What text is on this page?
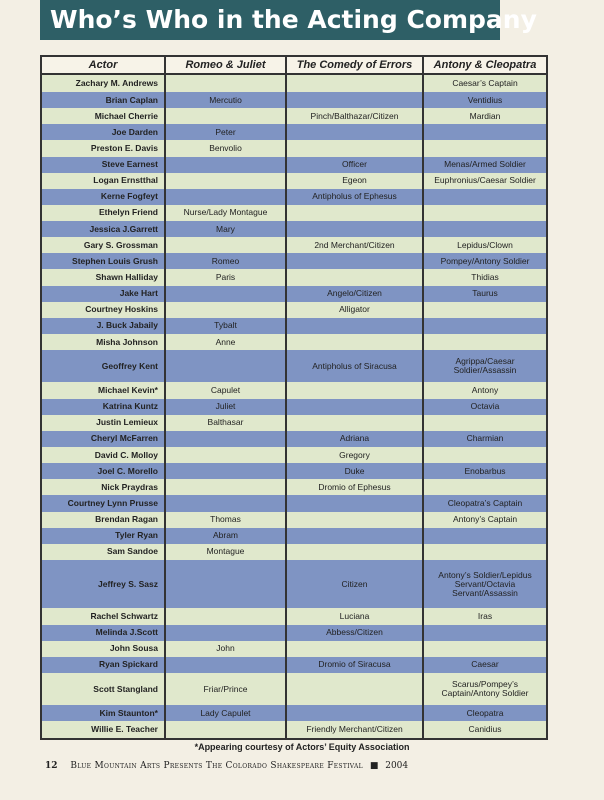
Who’s Who in the Acting Company
Actor	Romeo & Juliet	The Comedy of Errors	Antony & Cleopatra
Zachary M. Andrews			Caesar’s Captain
Brian Caplan	Mercutio		Ventidius
Michael Cherrie		Pinch/Balthazar/Citizen	Mardian
Joe Darden	Peter		
Preston E. Davis	Benvolio		
Steve Earnest		Officer	Menas/Armed Soldier
Logan Ernstthal		Egeon	Euphronius/Caesar Soldier
Kerne Fogfeyt		Antipholus of Ephesus	
Ethelyn Friend	Nurse/Lady Montague		
Jessica J.Garrett	Mary		
Gary S. Grossman		2nd Merchant/Citizen	Lepidus/Clown
Stephen Louis Grush	Romeo		Pompey/Antony Soldier
Shawn Halliday	Paris		Thidias
Jake Hart		Angelo/Citizen	Taurus
Courtney Hoskins		Alligator	
J. Buck Jabaily	Tybalt		
Misha Johnson	Anne		
Geoffrey Kent		Antipholus of Siracusa	Agrippa/Caesar Soldier/Assassin
Michael Kevin*	Capulet		Antony
Katrina Kuntz	Juliet		Octavia
Justin Lemieux	Balthasar		
Cheryl McFarren		Adriana	Charmian
David C. Molloy		Gregory	
Joel C. Morello		Duke	Enobarbus
Nick Praydras		Dromio of Ephesus	
Courtney Lynn Prusse			Cleopatra’s Captain
Brendan Ragan	Thomas		Antony’s Captain
Tyler Ryan	Abram		
Sam Sandoe	Montague		
Jeffrey S. Sasz		Citizen	Antony’s Soldier/Lepidus Servant/Octavia Servant/Assassin
Rachel Schwartz		Luciana	Iras
Melinda J.Scott		Abbess/Citizen	
John Sousa	John		
Ryan Spickard		Dromio of Siracusa	Caesar
Scott Stangland	Friar/Prince		Scarus/Pompey’s Captain/Antony Soldier
Kim Staunton*	Lady Capulet		Cleopatra
Willie E. Teacher		Friendly Merchant/Citizen	Canidius
*Appearing courtesy of Actors’ Equity Association
12 Blue Mountain Arts Presents The Colorado Shakespeare Festival ■ 2004
